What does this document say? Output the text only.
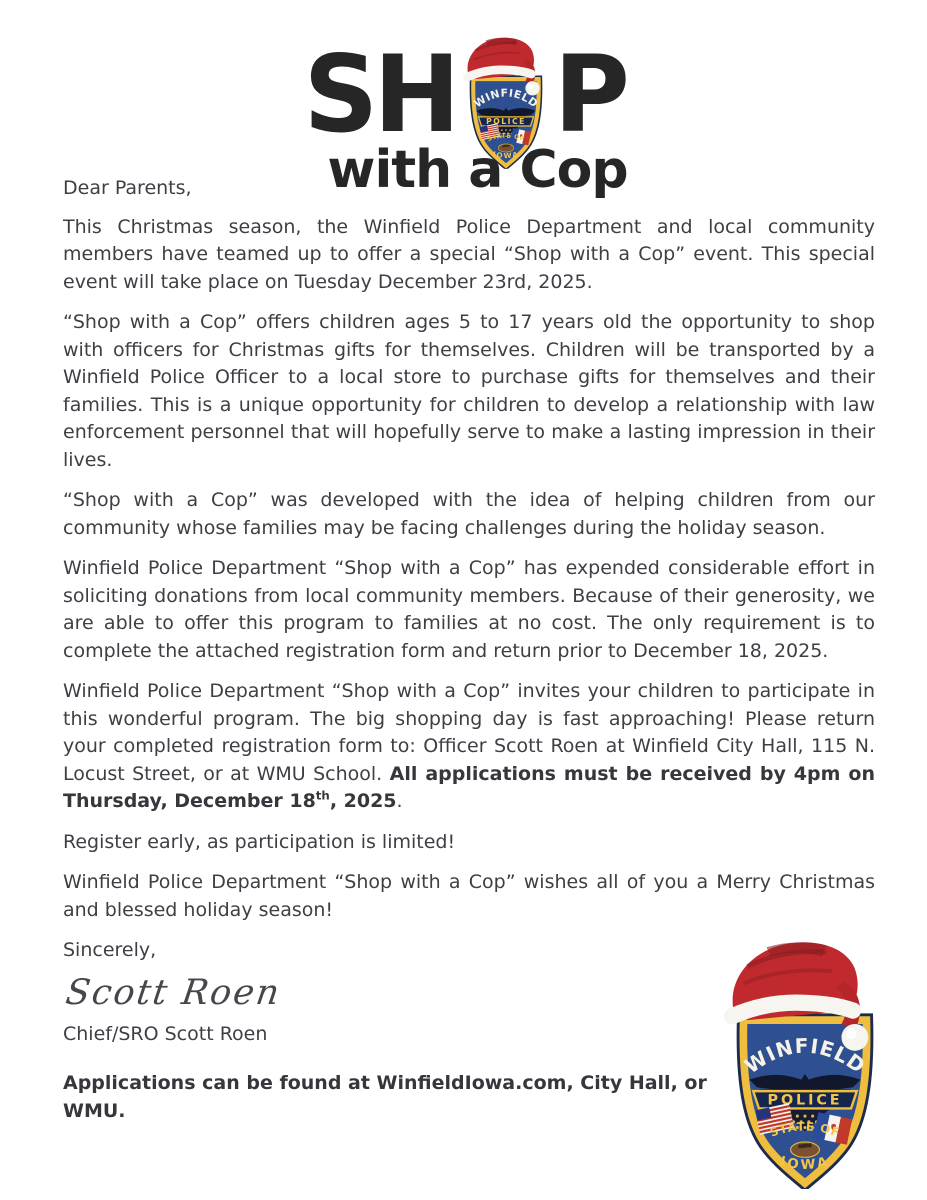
SH P
with a Cop

Dear Parents,

This Christmas season, the Winfield Police Department and local community members have teamed up to offer a special “Shop with a Cop” event. This special event will take place on Tuesday December 23rd, 2025.

“Shop with a Cop” offers children ages 5 to 17 years old the opportunity to shop with officers for Christmas gifts for themselves. Children will be transported by a Winfield Police Officer to a local store to purchase gifts for themselves and their families. This is a unique opportunity for children to develop a relationship with law enforcement personnel that will hopefully serve to make a lasting impression in their lives.

“Shop with a Cop” was developed with the idea of helping children from our community whose families may be facing challenges during the holiday season.

Winfield Police Department “Shop with a Cop” has expended considerable effort in soliciting donations from local community members. Because of their generosity, we are able to offer this program to families at no cost. The only requirement is to complete the attached registration form and return prior to December 18, 2025.

Winfield Police Department “Shop with a Cop” invites your children to participate in this wonderful program. The big shopping day is fast approaching! Please return your completed registration form to: Officer Scott Roen at Winfield City Hall, 115 N. Locust Street, or at WMU School. All applications must be received by 4pm on Thursday, December 18th, 2025.

Register early, as participation is limited!

Winfield Police Department “Shop with a Cop” wishes all of you a Merry Christmas and blessed holiday season!

Sincerely,

Scott Roen

Chief/SRO Scott Roen

Applications can be found at WinfieldIowa.com, City Hall, or WMU.
